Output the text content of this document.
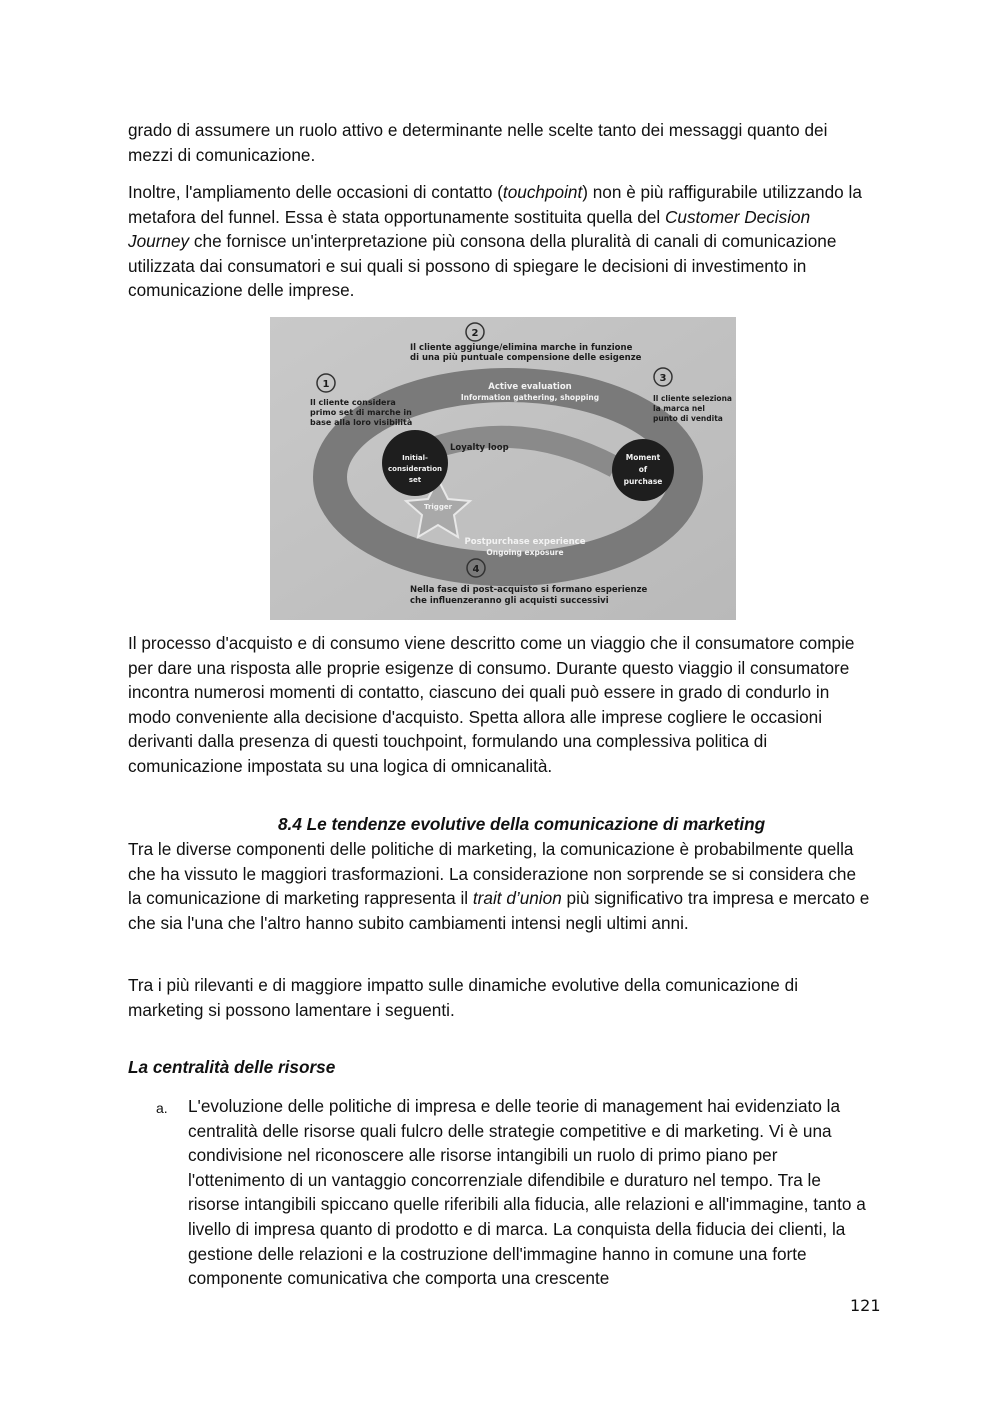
grado di assumere un ruolo attivo e determinante nelle scelte tanto dei messaggi quanto dei mezzi di comunicazione.

Inoltre, l'ampliamento delle occasioni di contatto (touchpoint) non è più raffigurabile utilizzando la metafora del funnel. Essa è stata opportunamente sostituita quella del Customer Decision Journey che fornisce un'interpretazione più consona della pluralità di canali di comunicazione utilizzata dai consumatori e sui quali si possono di spiegare le decisioni di investimento in comunicazione delle imprese.

2
1
3
4
Il cliente aggiunge/elimina marche in funzione
di una più puntuale compensione delle esigenze
Il cliente considera
primo set di marche in
base alla loro visibilità
Il cliente seleziona
la marca nel
punto di vendita
Nella fase di post-acquisto si formano esperienze
che influenzeranno gli acquisti successivi
Active evaluation
Information gathering, shopping
Loyalty loop
Initial-
consideration
set
Moment
of
purchase
Trigger
Postpurchase experience
Ongoing exposure

Il processo d'acquisto e di consumo viene descritto come un viaggio che il consumatore compie per dare una risposta alle proprie esigenze di consumo. Durante questo viaggio il consumatore incontra numerosi momenti di contatto, ciascuno dei quali può essere in grado di condurlo in modo conveniente alla decisione d'acquisto. Spetta allora alle imprese cogliere le occasioni derivanti dalla presenza di questi touchpoint, formulando una complessiva politica di comunicazione impostata su una logica di omnicanalità.

8.4 Le tendenze evolutive della comunicazione di marketing

Tra le diverse componenti delle politiche di marketing, la comunicazione è probabilmente quella che ha vissuto le maggiori trasformazioni. La considerazione non sorprende se si considera che la comunicazione di marketing rappresenta il trait d’union più significativo tra impresa e mercato e che sia l'una che l'altro hanno subito cambiamenti intensi negli ultimi anni.

Tra i più rilevanti e di maggiore impatto sulle dinamiche evolutive della comunicazione di marketing si possono lamentare i seguenti.

La centralità delle risorse
a. L'evoluzione delle politiche di impresa e delle teorie di management hai evidenziato la centralità delle risorse quali fulcro delle strategie competitive e di marketing. Vi è una condivisione nel riconoscere alle risorse intangibili un ruolo di primo piano per l'ottenimento di un vantaggio concorrenziale difendibile e duraturo nel tempo. Tra le risorse intangibili spiccano quelle riferibili alla fiducia, alle relazioni e all'immagine, tanto a livello di impresa quanto di prodotto e di marca. La conquista della fiducia dei clienti, la gestione delle relazioni e la costruzione dell'immagine hanno in comune una forte componente comunicativa che comporta una crescente
121
